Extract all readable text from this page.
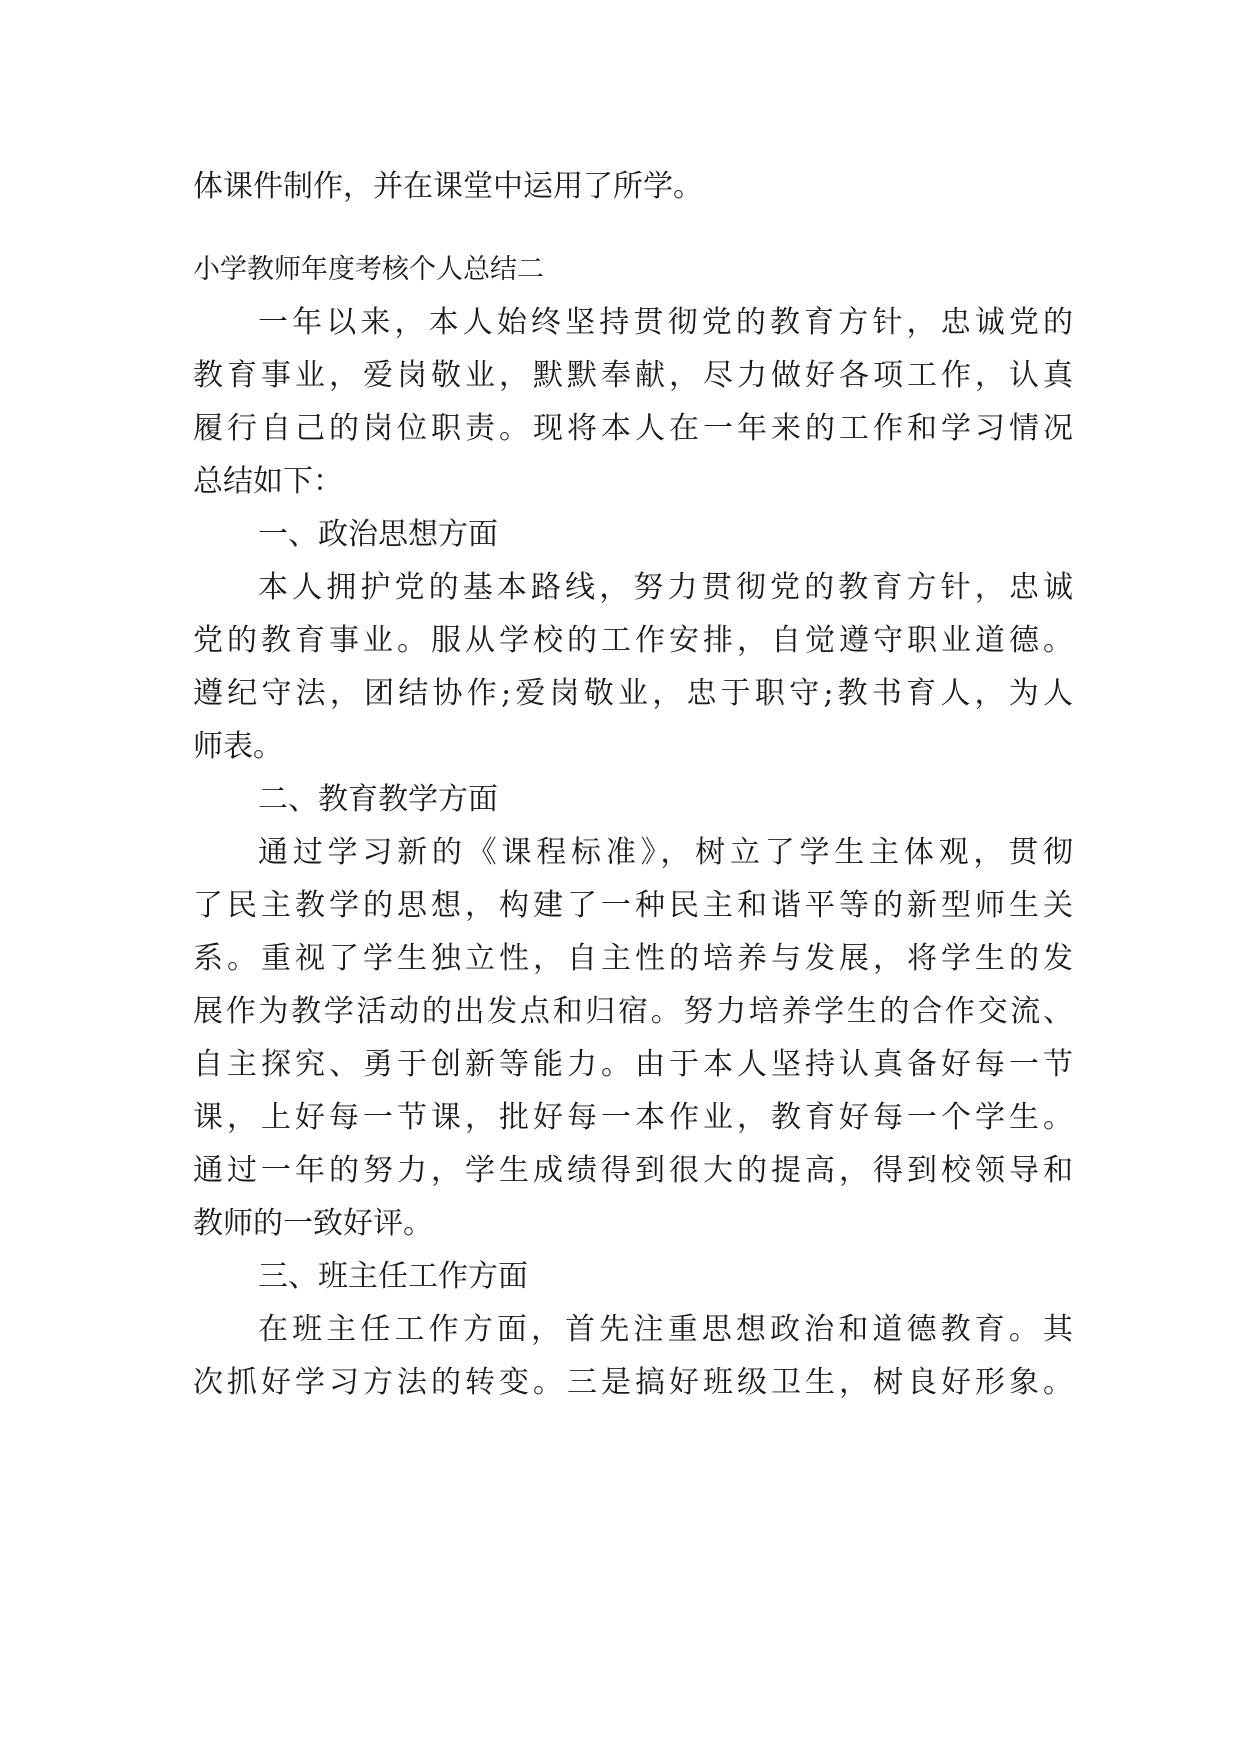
体课件制作，并在课堂中运用了所学。
小学教师年度考核个人总结二
一年以来，本人始终坚持贯彻党的教育方针，忠诚党的
教育事业，爱岗敬业，默默奉献，尽力做好各项工作，认真
履行自己的岗位职责。现将本人在一年来的工作和学习情况
总结如下：
一、政治思想方面
本人拥护党的基本路线，努力贯彻党的教育方针，忠诚
党的教育事业。服从学校的工作安排，自觉遵守职业道德。
遵纪守法，团结协作;爱岗敬业，忠于职守;教书育人，为人
师表。
二、教育教学方面
通过学习新的《课程标准》，树立了学生主体观，贯彻
了民主教学的思想，构建了一种民主和谐平等的新型师生关
系。重视了学生独立性，自主性的培养与发展，将学生的发
展作为教学活动的出发点和归宿。努力培养学生的合作交流、
自主探究、勇于创新等能力。由于本人坚持认真备好每一节
课，上好每一节课，批好每一本作业，教育好每一个学生。
通过一年的努力，学生成绩得到很大的提高，得到校领导和
教师的一致好评。
三、班主任工作方面
在班主任工作方面，首先注重思想政治和道德教育。其
次抓好学习方法的转变。三是搞好班级卫生，树良好形象。
